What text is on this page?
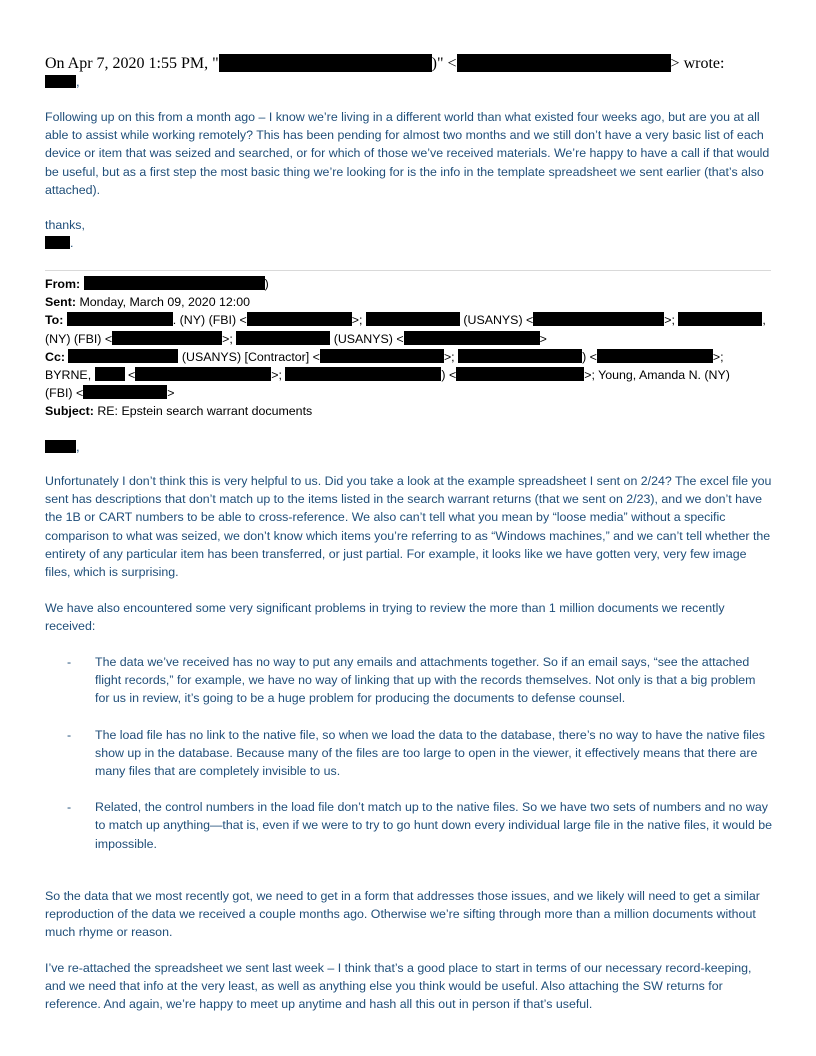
On Apr 7, 2020 1:55 PM, "	)" <	> wrote:
,
Following up on this from a month ago – I know we’re living in a different world than what existed four weeks ago, but are you at all able to assist while working remotely? This has been pending for almost two months and we still don’t have a very basic list of each device or item that was seized and searched, or for which of those we’ve received materials. We’re happy to have a call if that would be useful, but as a first step the most basic thing we’re looking for is the info in the template spreadsheet we sent earlier (that’s also attached).
thanks,
.
From:	)
Sent: Monday, March 09, 2020 12:00
To:	. (NY) (FBI) <	>;	(USANYS) <	>;	,
(NY) (FBI) <	>;	(USANYS) <	>
Cc:	(USANYS) [Contractor] <	>;	) <	>;
BYRNE,  <	>;	) <	>; Young, Amanda N. (NY)
(FBI) <	>
Subject: RE: Epstein search warrant documents
,
Unfortunately I don’t think this is very helpful to us. Did you take a look at the example spreadsheet I sent on 2/24? The excel file you sent has descriptions that don’t match up to the items listed in the search warrant returns (that we sent on 2/23), and we don’t have the 1B or CART numbers to be able to cross-reference. We also can’t tell what you mean by “loose media” without a specific comparison to what was seized, we don’t know which items you’re referring to as “Windows machines,” and we can’t tell whether the entirety of any particular item has been transferred, or just partial. For example, it looks like we have gotten very, very few image files, which is surprising.
We have also encountered some very significant problems in trying to review the more than 1 million documents we recently received:
- The data we’ve received has no way to put any emails and attachments together. So if an email says, “see the attached flight records,” for example, we have no way of linking that up with the records themselves. Not only is that a big problem for us in review, it’s going to be a huge problem for producing the documents to defense counsel.
- The load file has no link to the native file, so when we load the data to the database, there’s no way to have the native files show up in the database. Because many of the files are too large to open in the viewer, it effectively means that there are many files that are completely invisible to us.
- Related, the control numbers in the load file don’t match up to the native files. So we have two sets of numbers and no way to match up anything—that is, even if we were to try to go hunt down every individual large file in the native files, it would be impossible.
So the data that we most recently got, we need to get in a form that addresses those issues, and we likely will need to get a similar reproduction of the data we received a couple months ago. Otherwise we’re sifting through more than a million documents without much rhyme or reason.
I’ve re-attached the spreadsheet we sent last week – I think that’s a good place to start in terms of our necessary record-keeping, and we need that info at the very least, as well as anything else you think would be useful. Also attaching the SW returns for reference. And again, we’re happy to meet up anytime and hash all this out in person if that’s useful.
